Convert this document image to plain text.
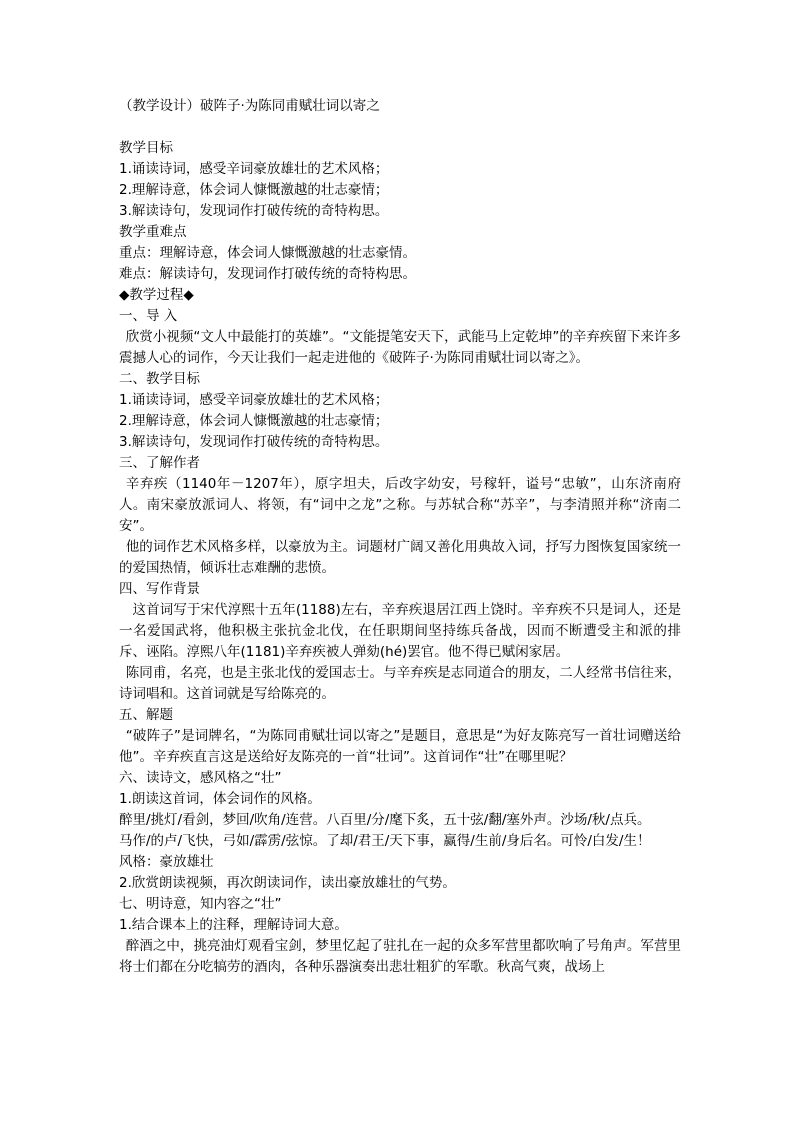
（教学设计）破阵子·为陈同甫赋壮词以寄之
教学目标
1.诵读诗词，感受辛词豪放雄壮的艺术风格；
2.理解诗意，体会词人慷慨激越的壮志豪情；
3.解读诗句，发现词作打破传统的奇特构思。
教学重难点
重点：理解诗意，体会词人慷慨激越的壮志豪情。
难点：解读诗句，发现词作打破传统的奇特构思。
◆教学过程◆
一、导 入
欣赏小视频“文人中最能打的英雄”。“文能提笔安天下，武能马上定乾坤”的辛弃疾留下来许多震撼人心的词作，今天让我们一起走进他的《破阵子·为陈同甫赋壮词以寄之》。
二、教学目标
1.诵读诗词，感受辛词豪放雄壮的艺术风格；
2.理解诗意，体会词人慷慨激越的壮志豪情；
3.解读诗句，发现词作打破传统的奇特构思。
三、了解作者
辛弃疾（1140年－1207年），原字坦夫，后改字幼安，号稼轩，谥号“忠敏”，山东济南府人。南宋豪放派词人、将领，有“词中之龙”之称。与苏轼合称“苏辛”，与李清照并称“济南二安”。
他的词作艺术风格多样，以豪放为主。词题材广阔又善化用典故入词，抒写力图恢复国家统一的爱国热情，倾诉壮志难酬的悲愤。
四、写作背景
这首词写于宋代淳熙十五年(1188)左右，辛弃疾退居江西上饶时。辛弃疾不只是词人，还是一名爱国武将，他积极主张抗金北伐，在任职期间坚持练兵备战，因而不断遭受主和派的排斥、诬陷。淳熙八年(1181)辛弃疾被人弹劾(hé)罢官。他不得已赋闲家居。
陈同甫，名亮，也是主张北伐的爱国志士。与辛弃疾是志同道合的朋友，二人经常书信往来，诗词唱和。这首词就是写给陈亮的。
五、解题
“破阵子”是词牌名，“为陈同甫赋壮词以寄之”是题目，意思是“为好友陈亮写一首壮词赠送给他”。辛弃疾直言这是送给好友陈亮的一首“壮词”。这首词作“壮”在哪里呢？
六、读诗文，感风格之“壮”
1.朗读这首词，体会词作的风格。
醉里/挑灯/看剑，梦回/吹角/连营。八百里/分/麾下炙，五十弦/翻/塞外声。沙场/秋/点兵。
马作/的卢/飞快，弓如/霹雳/弦惊。了却/君王/天下事，赢得/生前/身后名。可怜/白发/生！
风格：豪放雄壮
2.欣赏朗读视频，再次朗读词作，读出豪放雄壮的气势。
七、明诗意，知内容之“壮”
1.结合课本上的注释，理解诗词大意。
醉酒之中，挑亮油灯观看宝剑，梦里忆起了驻扎在一起的众多军营里都吹响了号角声。军营里将士们都在分吃犒劳的酒肉，各种乐器演奏出悲壮粗犷的军歌。秋高气爽，战场上
